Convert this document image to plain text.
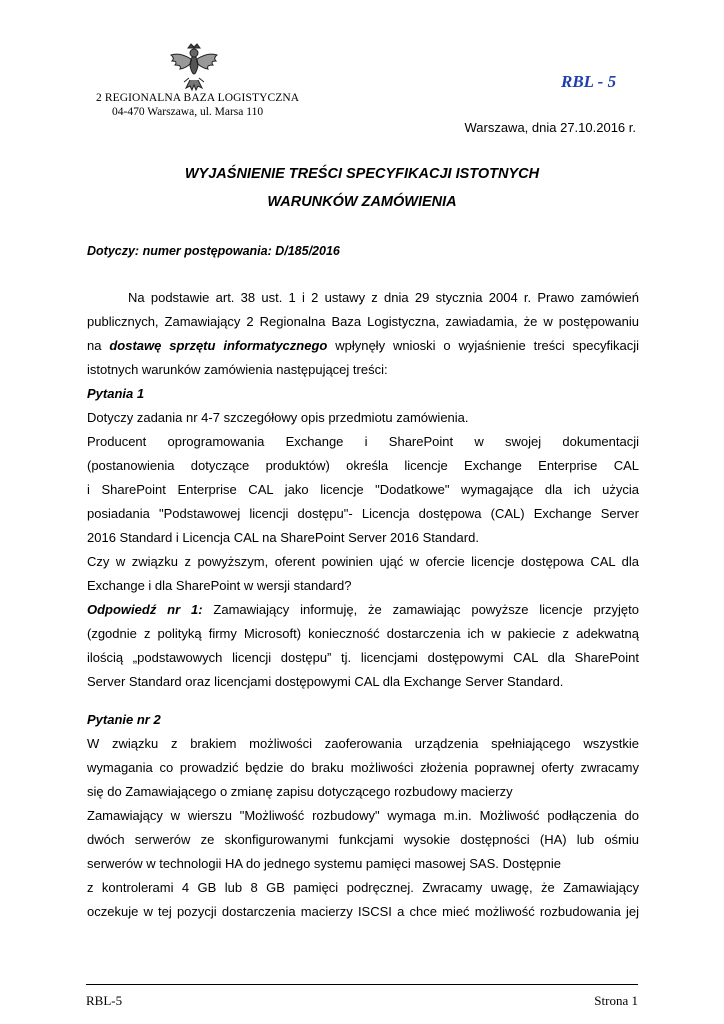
2 REGIONALNA BAZA LOGISTYCZNA
04-470 Warszawa, ul. Marsa 110
RBL - 5
Warszawa, dnia 27.10.2016 r.
WYJAŚNIENIE TREŚCI SPECYFIKACJI ISTOTNYCH
WARUNKÓW ZAMÓWIENIA
Dotyczy: numer postępowania: D/185/2016
Na podstawie art. 38 ust. 1 i 2 ustawy z dnia 29 stycznia 2004 r. Prawo zamówień
publicznych, Zamawiający 2 Regionalna Baza Logistyczna, zawiadamia, że w postępowaniu
na dostawę sprzętu informatycznego wpłynęły wnioski o wyjaśnienie treści specyfikacji
istotnych warunków zamówienia następującej treści:
Pytania 1
Dotyczy zadania nr 4-7 szczegółowy opis przedmiotu zamówienia.
Producent oprogramowania Exchange i SharePoint w swojej dokumentacji
(postanowienia dotyczące produktów) określa licencje Exchange Enterprise CAL
i SharePoint Enterprise CAL jako licencje "Dodatkowe" wymagające dla ich użycia
posiadania "Podstawowej licencji dostępu"- Licencja dostępowa (CAL) Exchange Server
2016 Standard i Licencja CAL na SharePoint Server 2016 Standard.
Czy w związku z powyższym, oferent powinien ująć w ofercie licencje dostępowa CAL dla
Exchange i dla SharePoint w wersji standard?
Odpowiedź nr 1: Zamawiający informuję, że zamawiając powyższe licencje przyjęto
(zgodnie z polityką firmy Microsoft) konieczność dostarczenia ich w pakiecie z adekwatną
ilością „podstawowych licencji dostępu” tj. licencjami dostępowymi CAL dla SharePoint
Server Standard oraz licencjami dostępowymi CAL dla Exchange Server Standard.
Pytanie nr 2
W związku z brakiem możliwości zaoferowania urządzenia spełniającego wszystkie
wymagania co prowadzić będzie do braku możliwości złożenia poprawnej oferty zwracamy
się do Zamawiającego o zmianę zapisu dotyczącego rozbudowy macierzy
Zamawiający w wierszu "Możliwość rozbudowy" wymaga m.in. Możliwość podłączenia do
dwóch serwerów ze skonfigurowanymi funkcjami wysokie dostępności (HA) lub ośmiu
serwerów w technologii HA do jednego systemu pamięci masowej SAS. Dostępnie
z kontrolerami 4 GB lub 8 GB pamięci podręcznej. Zwracamy uwagę, że Zamawiający
oczekuje w tej pozycji dostarczenia macierzy ISCSI a chce mieć możliwość rozbudowania jej
RBL-5	Strona 1
